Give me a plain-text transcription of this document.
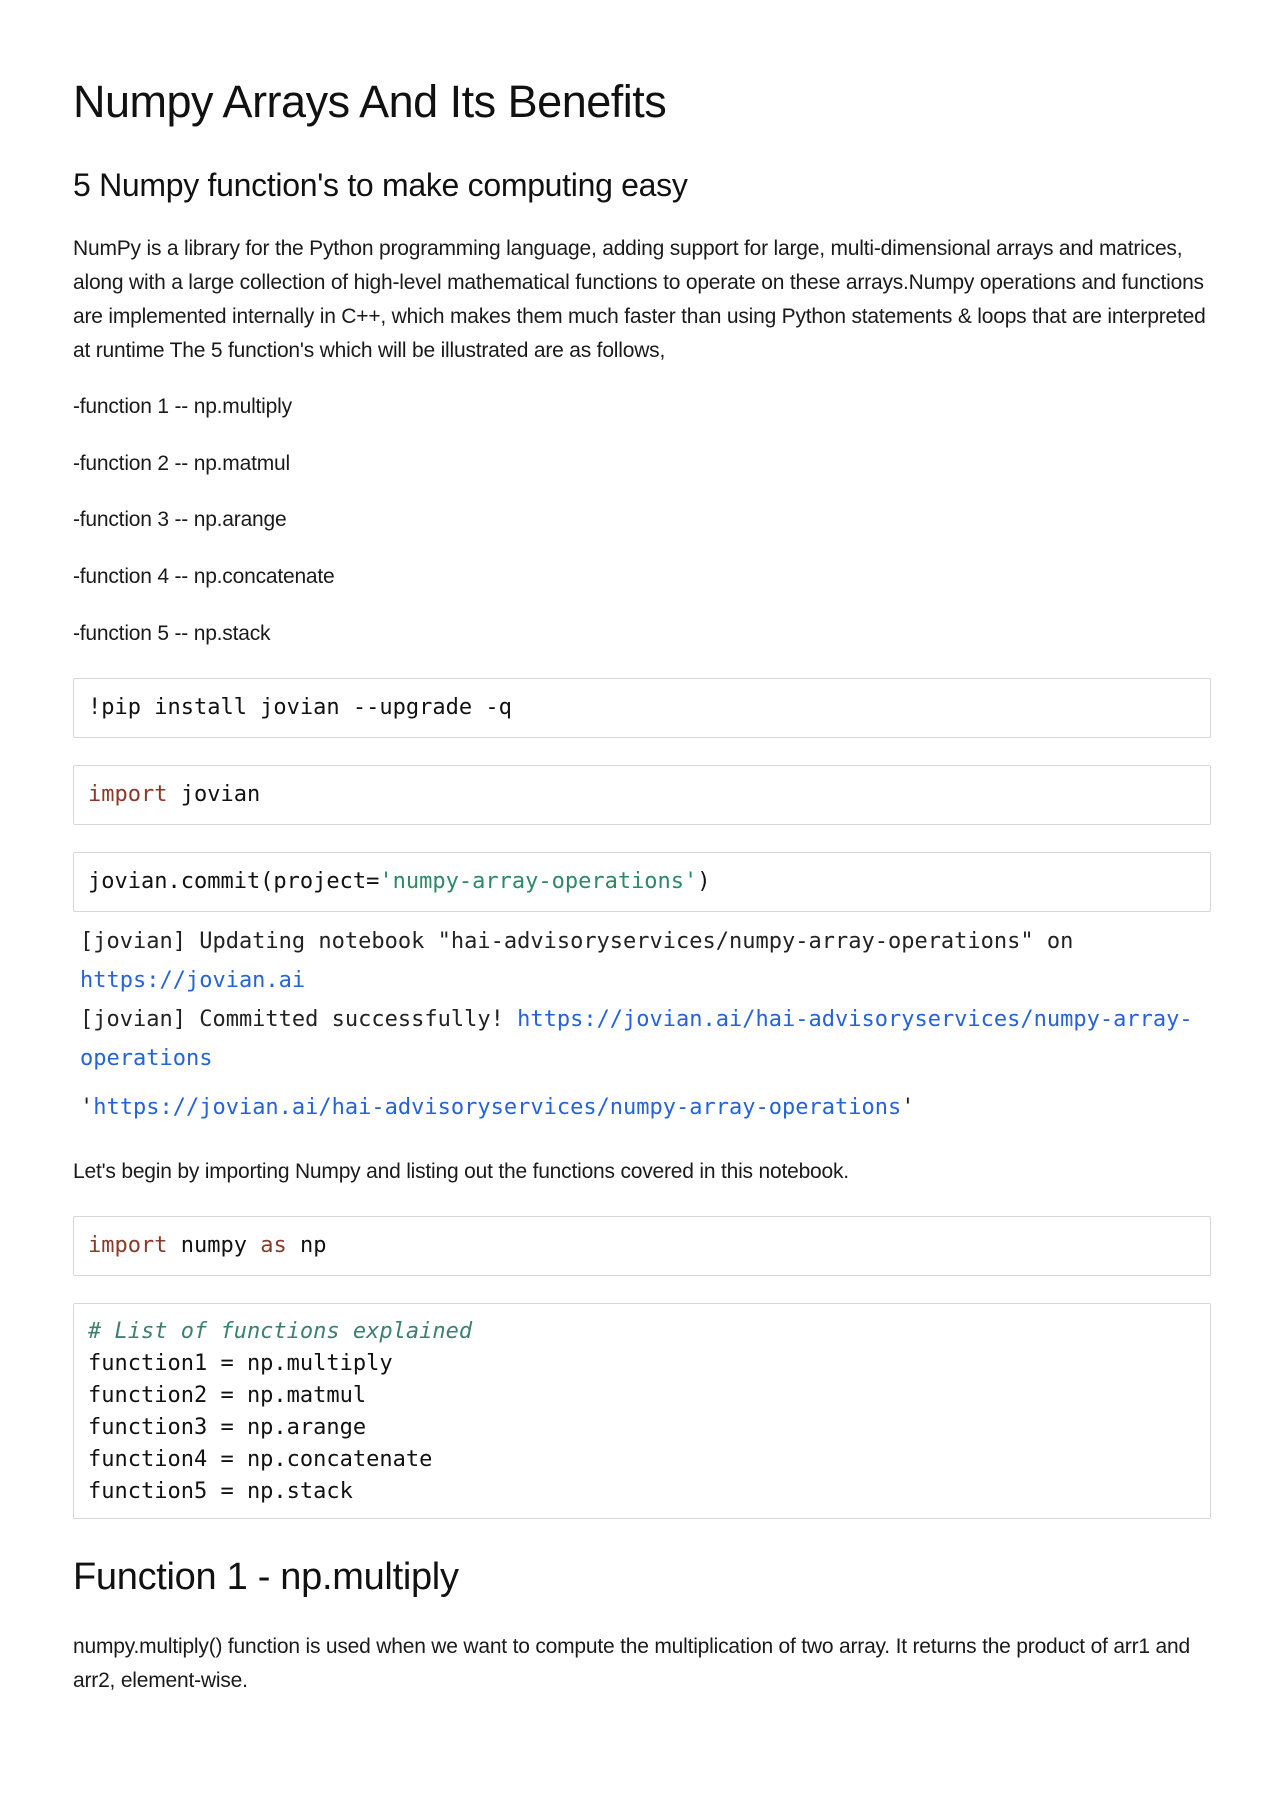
Numpy Arrays And Its Benefits
5 Numpy function's to make computing easy

NumPy is a library for the Python programming language, adding support for large, multi-dimensional arrays and matrices, along with a large collection of high-level mathematical functions to operate on these arrays.Numpy operations and functions are implemented internally in C++, which makes them much faster than using Python statements & loops that are interpreted at runtime The 5 function's which will be illustrated are as follows,

-function 1 -- np.multiply

-function 2 -- np.matmul

-function 3 -- np.arange

-function 4 -- np.concatenate

-function 5 -- np.stack

!pip install jovian --upgrade -q
import jovian
jovian.commit(project='numpy-array-operations')
[jovian] Updating notebook "hai-advisoryservices/numpy-array-operations" on https://jovian.ai
[jovian] Committed successfully! https://jovian.ai/hai-advisoryservices/numpy-array-operations
'https://jovian.ai/hai-advisoryservices/numpy-array-operations'

Let's begin by importing Numpy and listing out the functions covered in this notebook.

import numpy as np
# List of functions explained
function1 = np.multiply
function2 = np.matmul
function3 = np.arange
function4 = np.concatenate
function5 = np.stack
Function 1 - np.multiply

numpy.multiply() function is used when we want to compute the multiplication of two array. It returns the product of arr1 and arr2, element-wise.
